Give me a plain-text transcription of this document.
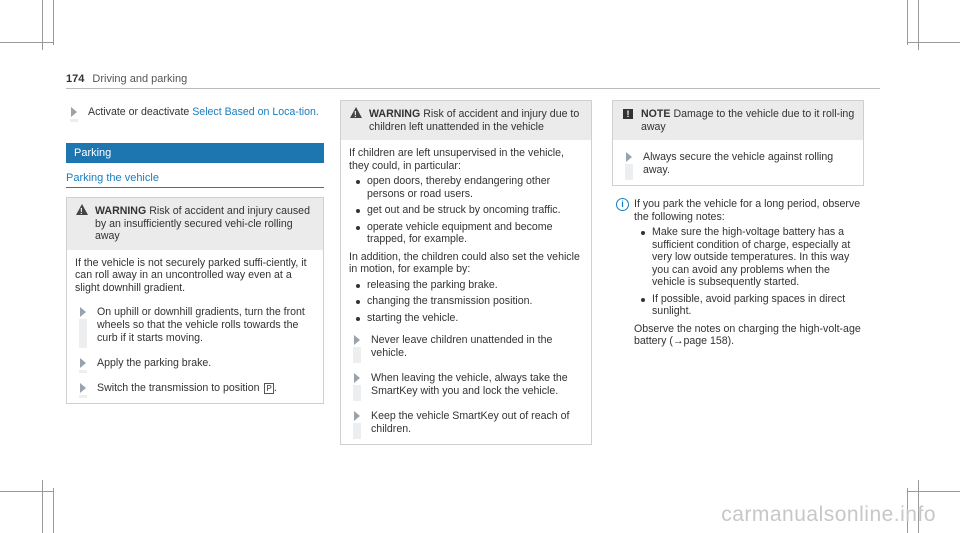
174 Driving and parking
Activate or deactivate Select Based on Loca-tion.
Parking
Parking the vehicle
!
WARNING Risk of accident and injury caused by an insufficiently secured vehi-cle rolling away
If the vehicle is not securely parked suffi-ciently, it can roll away in an uncontrolled way even at a slight downhill gradient.
On uphill or downhill gradients, turn the front wheels so that the vehicle rolls towards the curb if it starts moving.
Apply the parking brake.
Switch the transmission to position P .
!
WARNING Risk of accident and injury due to children left unattended in the vehicle
If children are left unsupervised in the vehicle, they could, in particular:
open doors, thereby endangering other persons or road users.
get out and be struck by oncoming traffic.
operate vehicle equipment and become trapped, for example.
In addition, the children could also set the vehicle in motion, for example by:
releasing the parking brake.
changing the transmission position.
starting the vehicle.
Never leave children unattended in the vehicle.
When leaving the vehicle, always take the SmartKey with you and lock the vehicle.
Keep the vehicle SmartKey out of reach of children.
!	NOTE Damage to the vehicle due to it roll-ing away
Always secure the vehicle against rolling away.
i If you park the vehicle for a long period, observe the following notes:
Make sure the high-voltage battery has a sufficient condition of charge, especially at very low outside temperatures. In this way you can avoid any problems when the vehicle is subsequently started.
If possible, avoid parking spaces in direct sunlight.
Observe the notes on charging the high-volt-age battery (→page 158).
carmanualsonline.info
